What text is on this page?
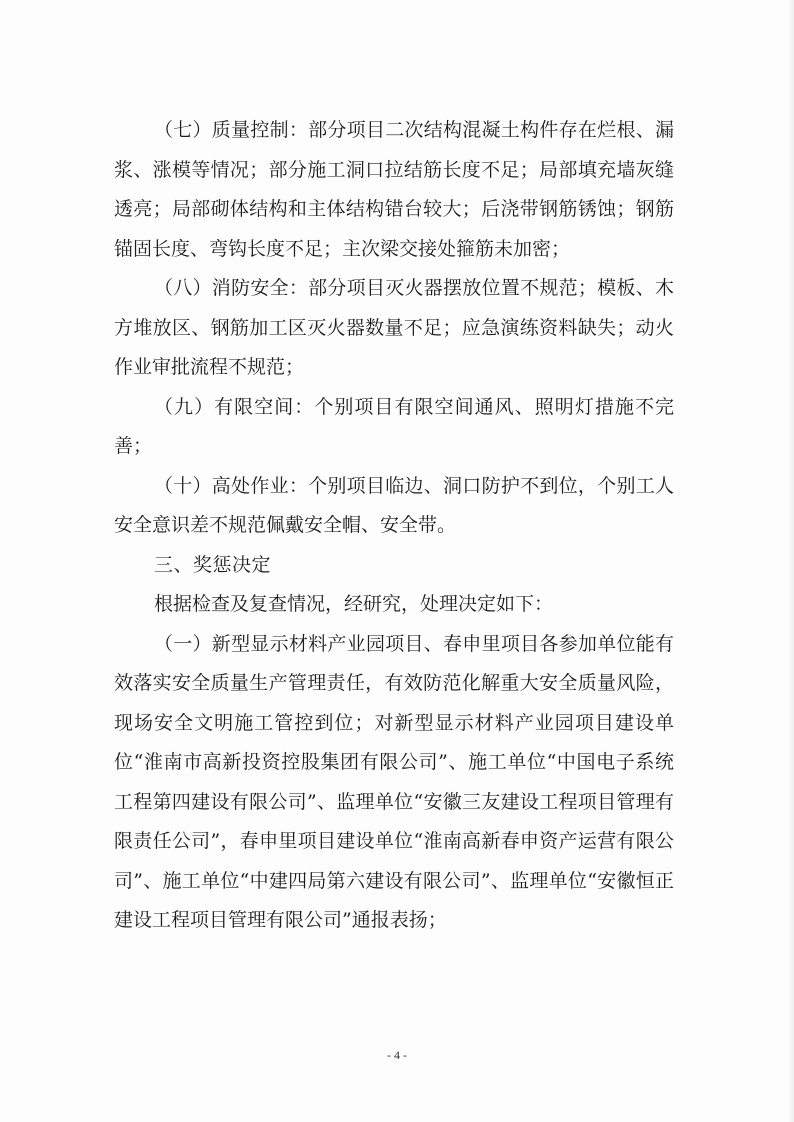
（七）质量控制：部分项目二次结构混凝土构件存在烂根、漏浆、涨模等情况；部分施工洞口拉结筋长度不足；局部填充墙灰缝透亮；局部砌体结构和主体结构错台较大；后浇带钢筋锈蚀；钢筋锚固长度、弯钩长度不足；主次梁交接处箍筋未加密；

（八）消防安全：部分项目灭火器摆放位置不规范；模板、木方堆放区、钢筋加工区灭火器数量不足；应急演练资料缺失；动火作业审批流程不规范；

（九）有限空间：个别项目有限空间通风、照明灯措施不完善；

（十）高处作业：个别项目临边、洞口防护不到位，个别工人安全意识差不规范佩戴安全帽、安全带。

三、奖惩决定

根据检查及复查情况，经研究，处理决定如下：

（一）新型显示材料产业园项目、春申里项目各参加单位能有效落实安全质量生产管理责任，有效防范化解重大安全质量风险，现场安全文明施工管控到位；对新型显示材料产业园项目建设单位“淮南市高新投资控股集团有限公司”、施工单位“中国电子系统工程第四建设有限公司”、监理单位“安徽三友建设工程项目管理有限责任公司”，春申里项目建设单位“淮南高新春申资产运营有限公司”、施工单位“中建四局第六建设有限公司”、监理单位“安徽恒正建设工程项目管理有限公司”通报表扬；

- 4 -
